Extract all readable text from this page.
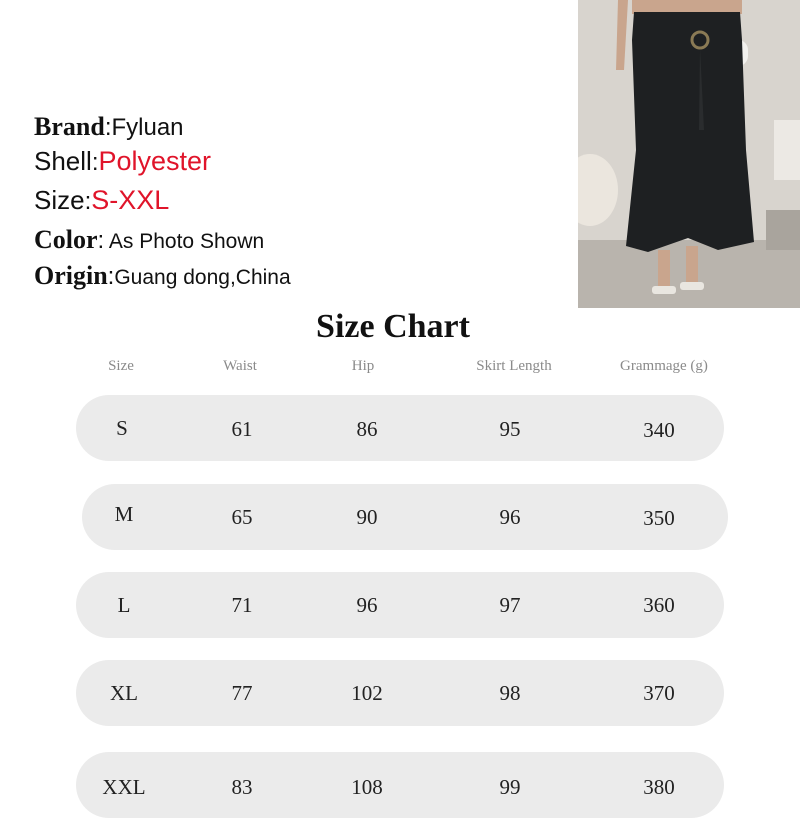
Brand:Fyluan
Shell:Polyester
Size:S-XXL
Color: As Photo Shown
Origin:Guang dong,China
Size Chart
Size	Waist	Hip	Skirt Length	Grammage (g)
S	61	86	95	340
M	65	90	96	350
L	71	96	97	360
XL	77	102	98	370
XXL	83	108	99	380
